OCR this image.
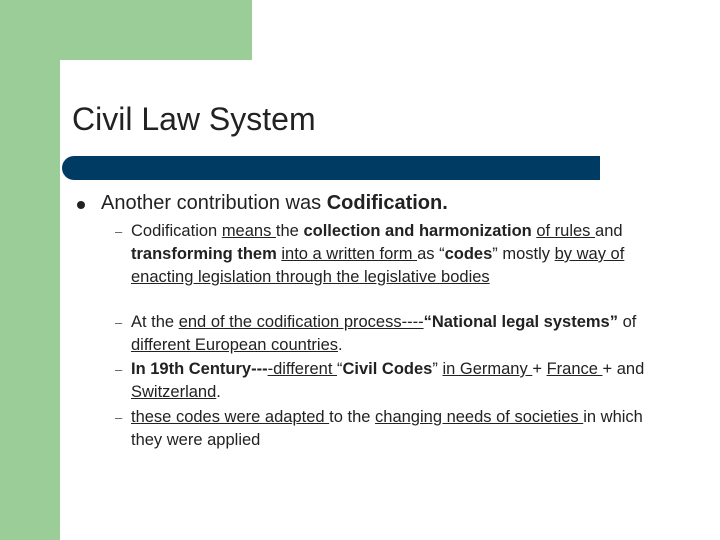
Civil Law System
Another contribution was Codification.
– Codification means the collection and harmonization of rules and transforming them into a written form as “codes” mostly by way of enacting legislation through the legislative bodies
– At the end of the codification process----“National legal systems” of different European countries.
– In 19th Century----different “Civil Codes” in Germany + France + and Switzerland.
– these codes were adapted to the changing needs of societies in which they were applied
